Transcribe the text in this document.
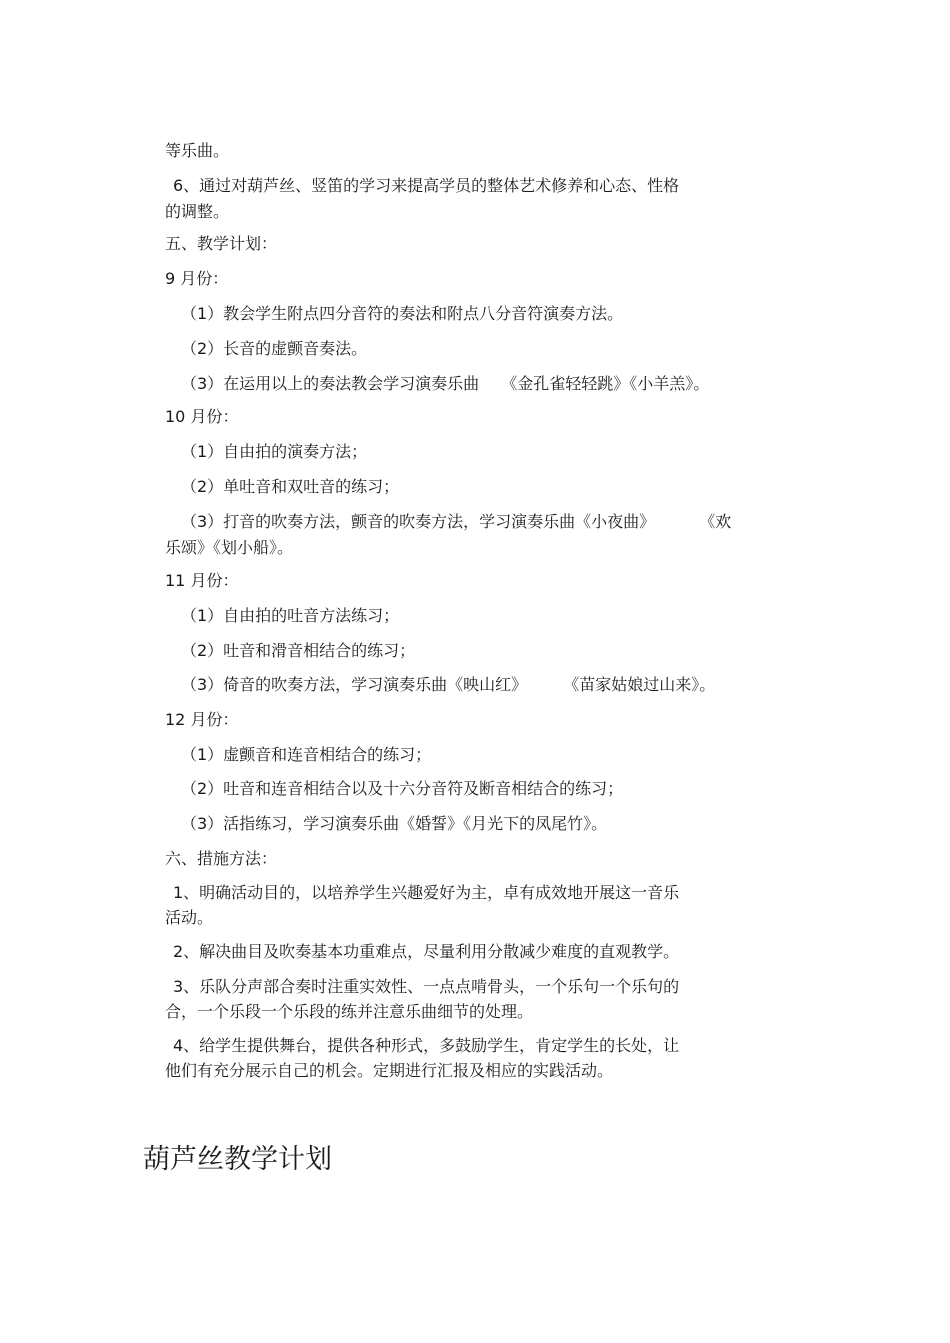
等乐曲。

6、通过对葫芦丝、竖笛的学习来提高学员的整体艺术修养和心态、性格

的调整。

五、教学计划：

9 月份：

（1）教会学生附点四分音符的奏法和附点八分音符演奏方法。

（2）长音的虚颤音奏法。

（3）在运用以上的奏法教会学习演奏乐曲 《金孔雀轻轻跳》《小羊羔》。

10 月份：

（1）自由拍的演奏方法；

（2）单吐音和双吐音的练习；

（3）打音的吹奏方法，颤音的吹奏方法，学习演奏乐曲《小夜曲》	《欢

乐颂》《划小船》。

11 月份：

（1）自由拍的吐音方法练习；

（2）吐音和滑音相结合的练习；

（3）倚音的吹奏方法，学习演奏乐曲《映山红》 《苗家姑娘过山来》。

12 月份：

（1）虚颤音和连音相结合的练习；

（2）吐音和连音相结合以及十六分音符及断音相结合的练习；

（3）活指练习，学习演奏乐曲《婚誓》《月光下的凤尾竹》。

六、措施方法：

1、明确活动目的，以培养学生兴趣爱好为主，卓有成效地开展这一音乐

活动。

2、解决曲目及吹奏基本功重难点，尽量利用分散减少难度的直观教学。

3、乐队分声部合奏时注重实效性、一点点啃骨头，一个乐句一个乐句的

合，一个乐段一个乐段的练并注意乐曲细节的处理。

4、给学生提供舞台，提供各种形式，多鼓励学生，肯定学生的长处，让

他们有充分展示自己的机会。定期进行汇报及相应的实践活动。

葫芦丝教学计划
